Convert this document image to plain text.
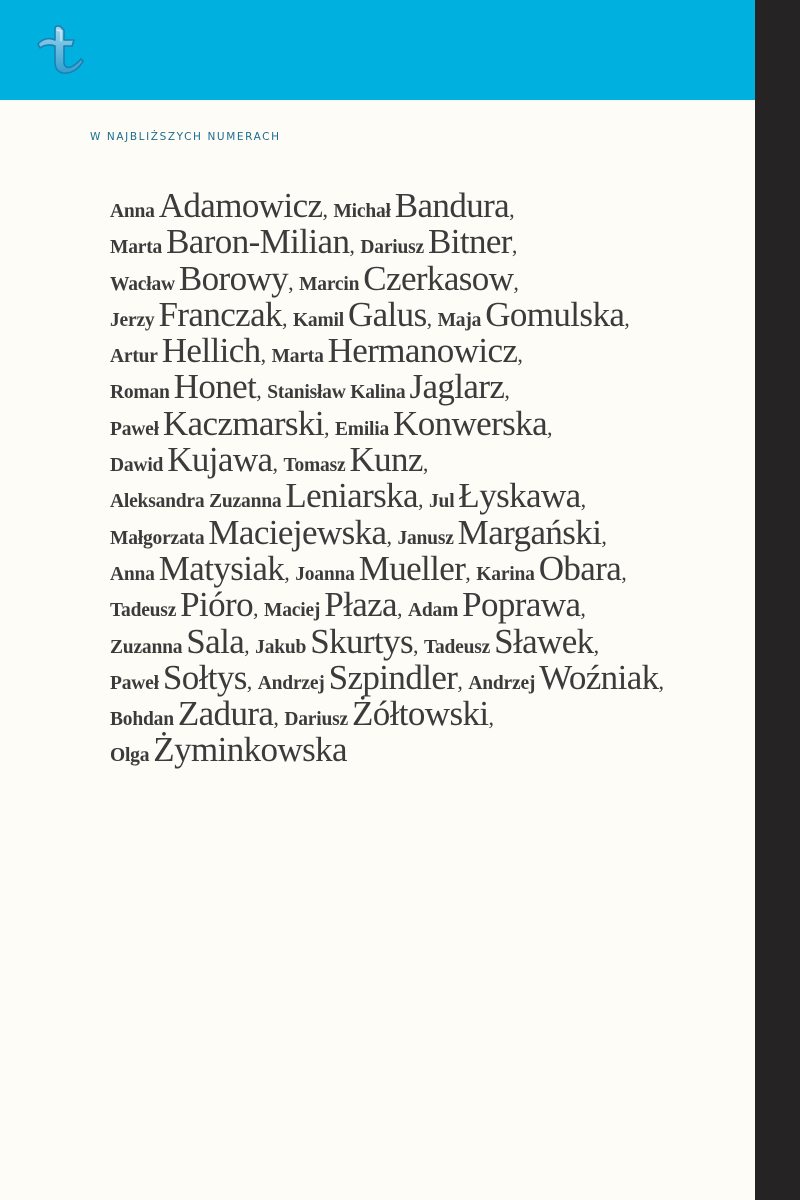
W NAJBLIŻSZYCH NUMERACH

Anna Adamowicz, Michał Bandura,
Marta Baron-Milian, Dariusz Bitner,
Wacław Borowy, Marcin Czerkasow,
Jerzy Franczak, Kamil Galus, Maja Gomulska,
Artur Hellich, Marta Hermanowicz,
Roman Honet, Stanisław Kalina Jaglarz,
Paweł Kaczmarski, Emilia Konwerska,
Dawid Kujawa, Tomasz Kunz,
Aleksandra Zuzanna Leniarska, Jul Łyskawa,
Małgorzata Maciejewska, Janusz Margański,
Anna Matysiak, Joanna Mueller, Karina Obara,
Tadeusz Pióro, Maciej Płaza, Adam Poprawa,
Zuzanna Sala, Jakub Skurtys, Tadeusz Sławek,
Paweł Sołtys, Andrzej Szpindler, Andrzej Woźniak,
Bohdan Zadura, Dariusz Żółtowski,
Olga Żyminkowska
